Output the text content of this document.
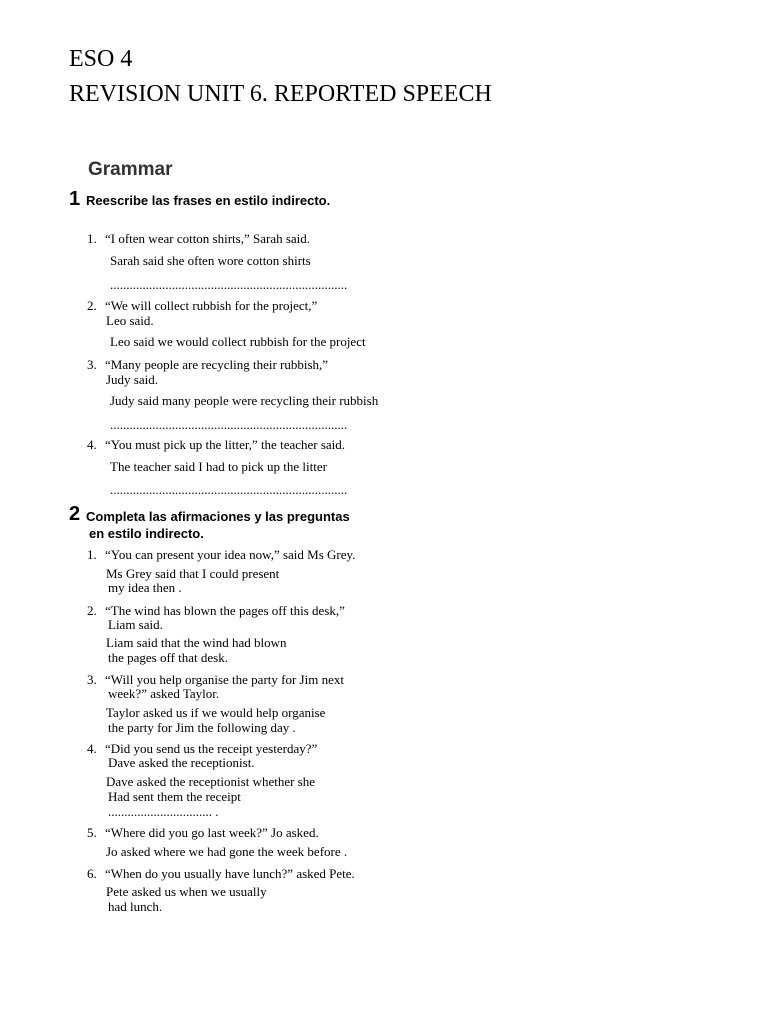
ESO 4
REVISION UNIT 6. REPORTED SPEECH
Grammar
1 Reescribe las frases en estilo indirecto.
1. “I often wear cotton shirts,” Sarah said.
Sarah said she often wore cotton shirts
.........................................................................
2. “We will collect rubbish for the project,”
Leo said.
Leo said we would collect rubbish for the project
3. “Many people are recycling their rubbish,”
Judy said.
Judy said many people were recycling their rubbish
.........................................................................
4. “You must pick up the litter,” the teacher said.
The teacher said I had to pick up the litter
.........................................................................
2 Completa las afirmaciones y las preguntas
en estilo indirecto.
1. “You can present your idea now,” said Ms Grey.
Ms Grey said that I could present
my idea then .
2. “The wind has blown the pages off this desk,”
Liam said.
Liam said that the wind had blown
the pages off that desk.
3. “Will you help organise the party for Jim next
week?” asked Taylor.
Taylor asked us if we would help organise
the party for Jim the following day .
4. “Did you send us the receipt yesterday?”
Dave asked the receptionist.
Dave asked the receptionist whether she
Had sent them the receipt
................................ .
5. “Where did you go last week?” Jo asked.
Jo asked where we had gone the week before .
6. “When do you usually have lunch?” asked Pete.
Pete asked us when we usually
had lunch.
